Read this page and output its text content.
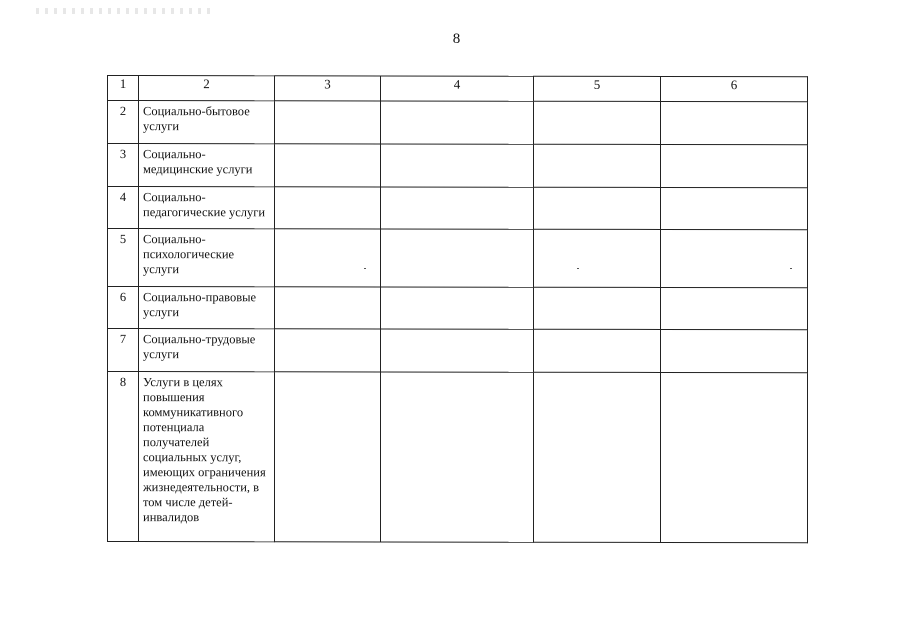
8
1	2	3	4	5	6
2	Социально-бытовое услуги				
3	Социально-медицинские услуги				
4	Социально-педагогические услуги				
5	Социально-психологические услуги				
6	Социально-правовые услуги				
7	Социально-трудовые услуги				
8	Услуги в целях повышения коммуникативного потенциала получателей социальных услуг, имеющих ограничения жизнедеятельности, в том числе детей-инвалидов				
